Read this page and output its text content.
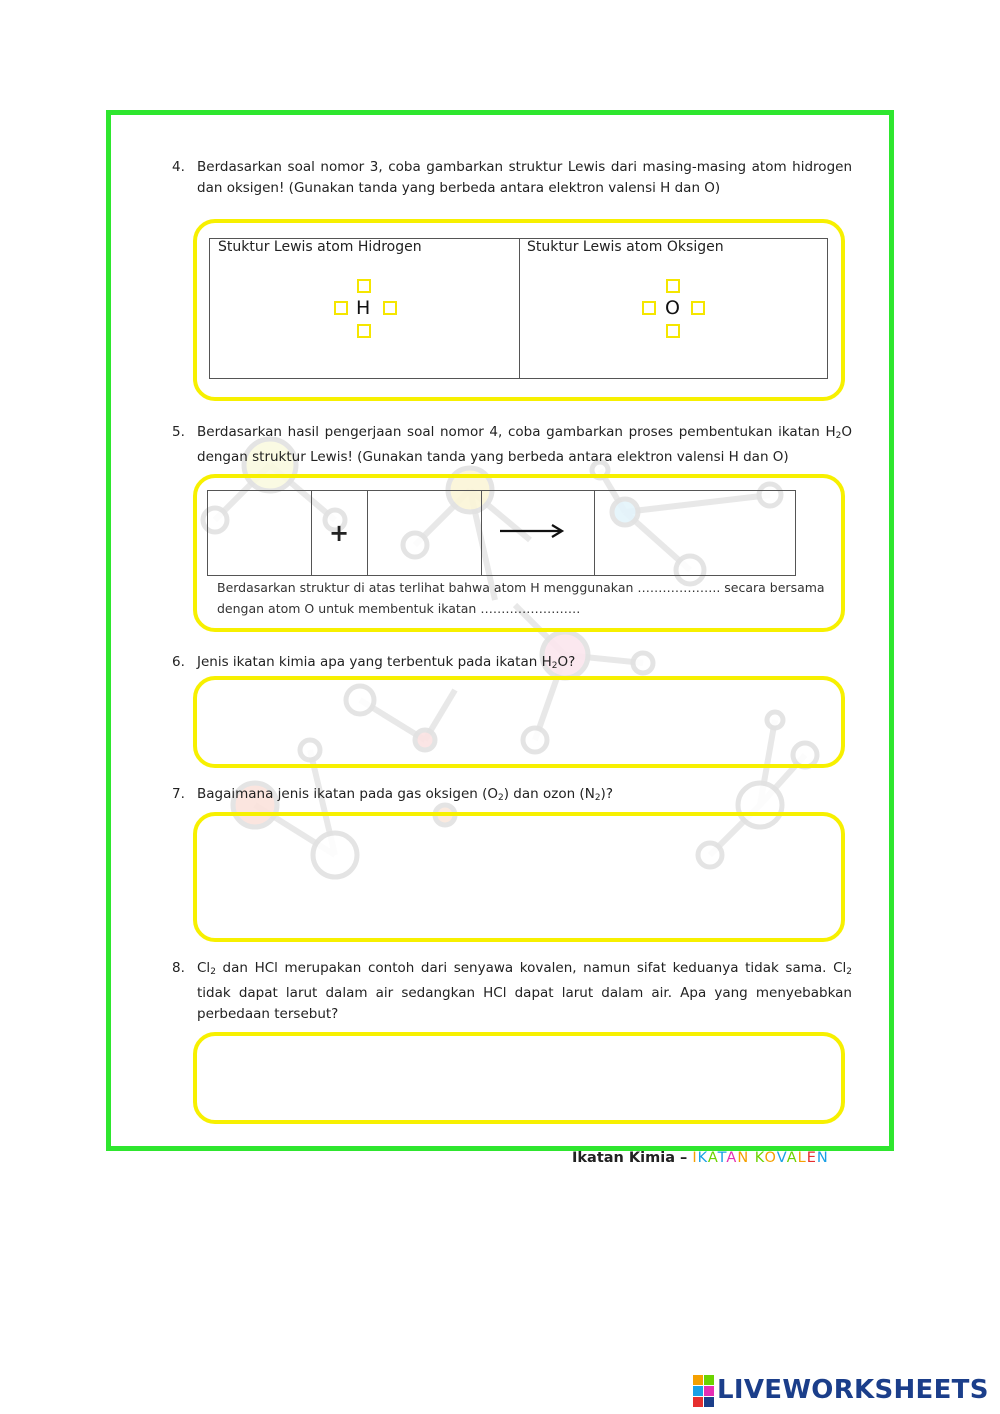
4. Berdasarkan soal nomor 3, coba gambarkan struktur Lewis dari masing-masing atom hidrogen
dan oksigen! (Gunakan tanda yang berbeda antara elektron valensi H dan O)
Stuktur Lewis atom Hidrogen	Stuktur Lewis atom Oksigen
H	O
5. Berdasarkan hasil pengerjaan soal nomor 4, coba gambarkan proses pembentukan ikatan $H_2O$
dengan struktur Lewis! (Gunakan tanda yang berbeda antara elektron valensi H dan O)
+
Berdasarkan struktur di atas terlihat bahwa atom H menggunakan ……………….. secara bersama
dengan atom O untuk membentuk ikatan ……………………
6. Jenis ikatan kimia apa yang terbentuk pada ikatan $H_2O$?
7. Bagaimana jenis ikatan pada gas oksigen $(O_2)$ dan ozon $(N_2)$?
8. $Cl_2$ dan HCl merupakan contoh dari senyawa kovalen, namun sifat keduanya tidak sama. $Cl_2$
tidak dapat larut dalam air sedangkan HCl dapat larut dalam air. Apa yang menyebabkan
perbedaan tersebut?
Ikatan Kimia – IKATAN KOVALEN
LIVEWORKSHEETS
